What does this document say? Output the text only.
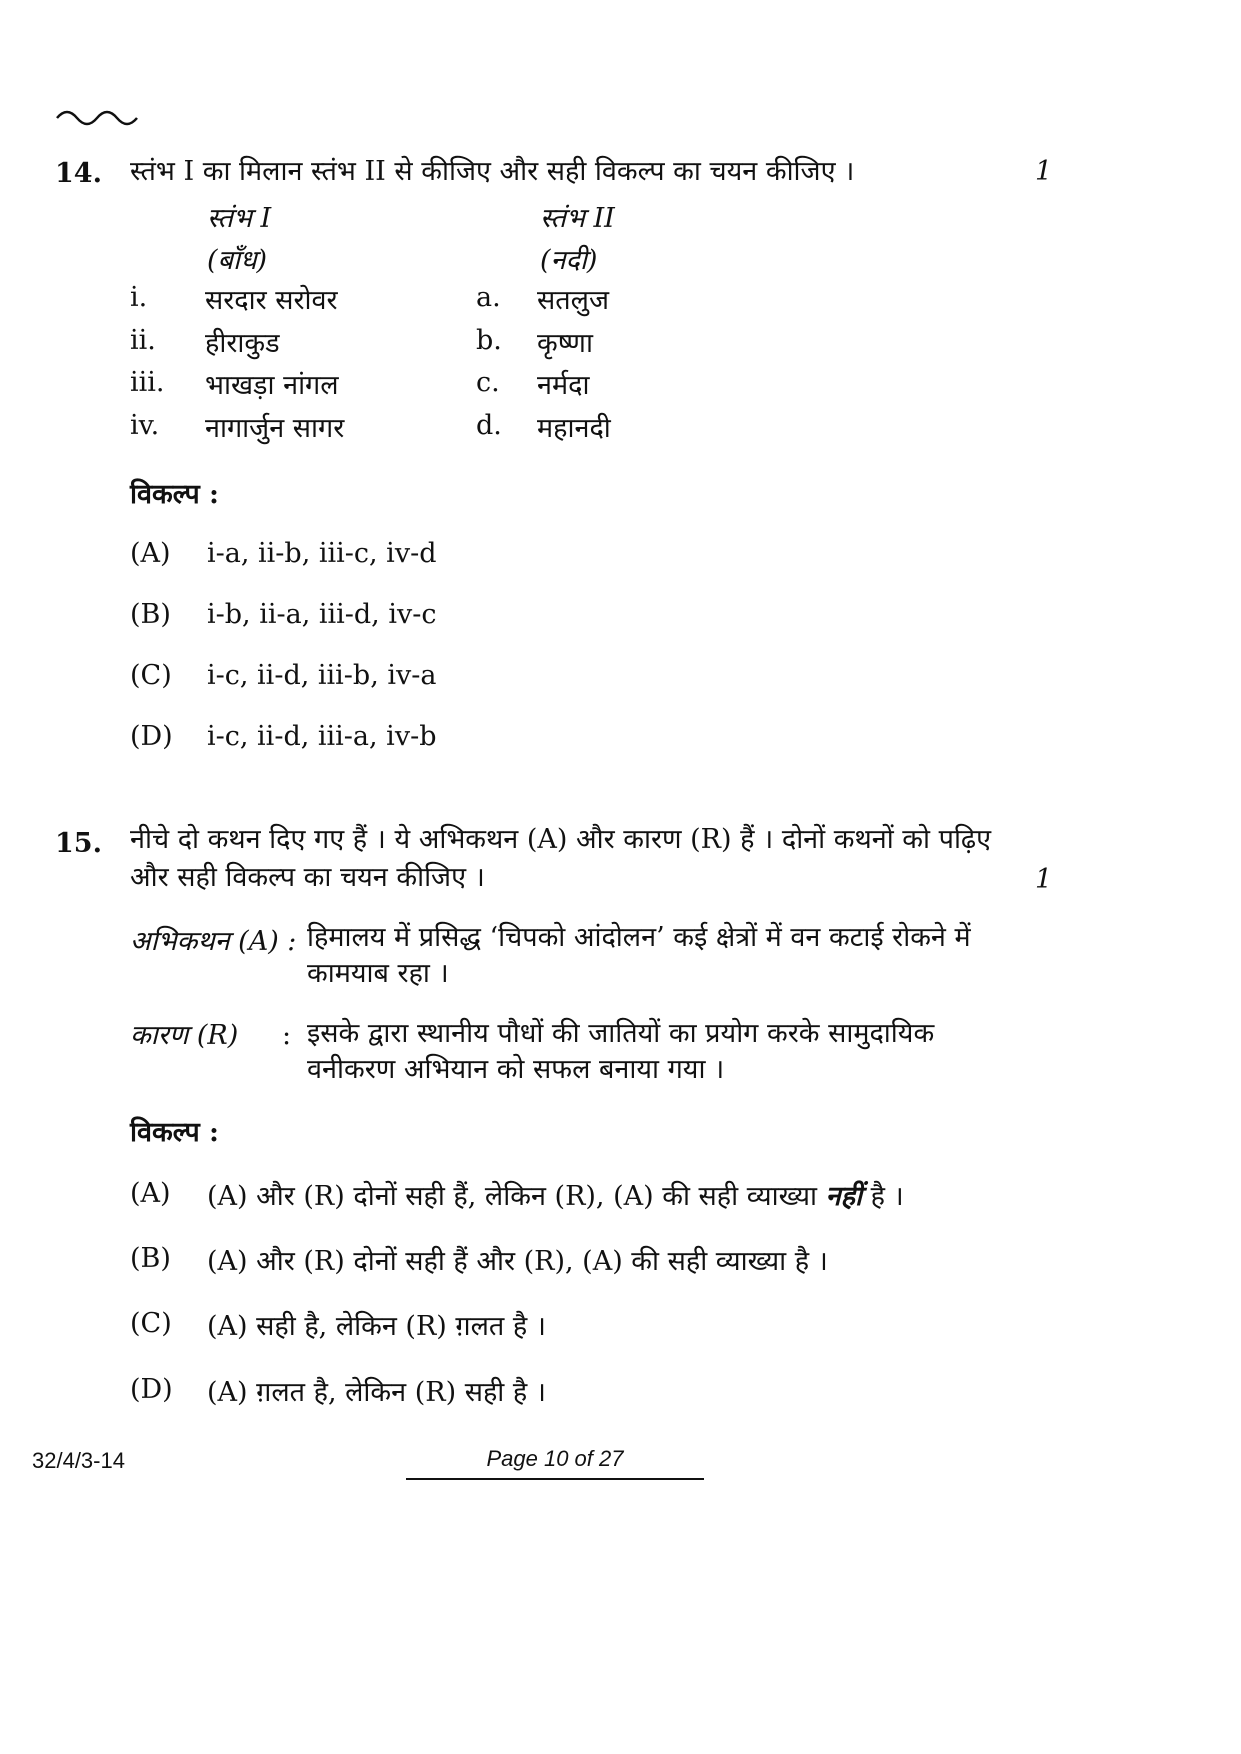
14. स्तंभ I का मिलान स्तंभ II से कीजिए और सही विकल्प का चयन कीजिए ।	1
स्तंभ I
(बाँध)
स्तंभ II
(नदी)
i. सरदार सरोवर	a. सतलुज
ii. हीराकुड	b. कृष्णा
iii. भाखड़ा नांगल	c. नर्मदा
iv. नागार्जुन सागर	d. महानदी
विकल्प :
(A) i-a, ii-b, iii-c, iv-d
(B) i-b, ii-a, iii-d, iv-c
(C) i-c, ii-d, iii-b, iv-a
(D) i-c, ii-d, iii-a, iv-b
15. नीचे दो कथन दिए गए हैं । ये अभिकथन (A) और कारण (R) हैं । दोनों कथनों को पढ़िए
और सही विकल्प का चयन कीजिए ।	1
अभिकथन (A) : हिमालय में प्रसिद्ध ‘चिपको आंदोलन’ कई क्षेत्रों में वन कटाई रोकने में
कामयाब रहा ।
कारण (R) : इसके द्वारा स्थानीय पौधों की जातियों का प्रयोग करके सामुदायिक
वनीकरण अभियान को सफल बनाया गया ।
विकल्प :
(A) (A) और (R) दोनों सही हैं, लेकिन (R), (A) की सही व्याख्या नहीं है ।
(B) (A) और (R) दोनों सही हैं और (R), (A) की सही व्याख्या है ।
(C) (A) सही है, लेकिन (R) ग़लत है ।
(D) (A) ग़लत है, लेकिन (R) सही है ।
32/4/3-14	Page 10 of 27
